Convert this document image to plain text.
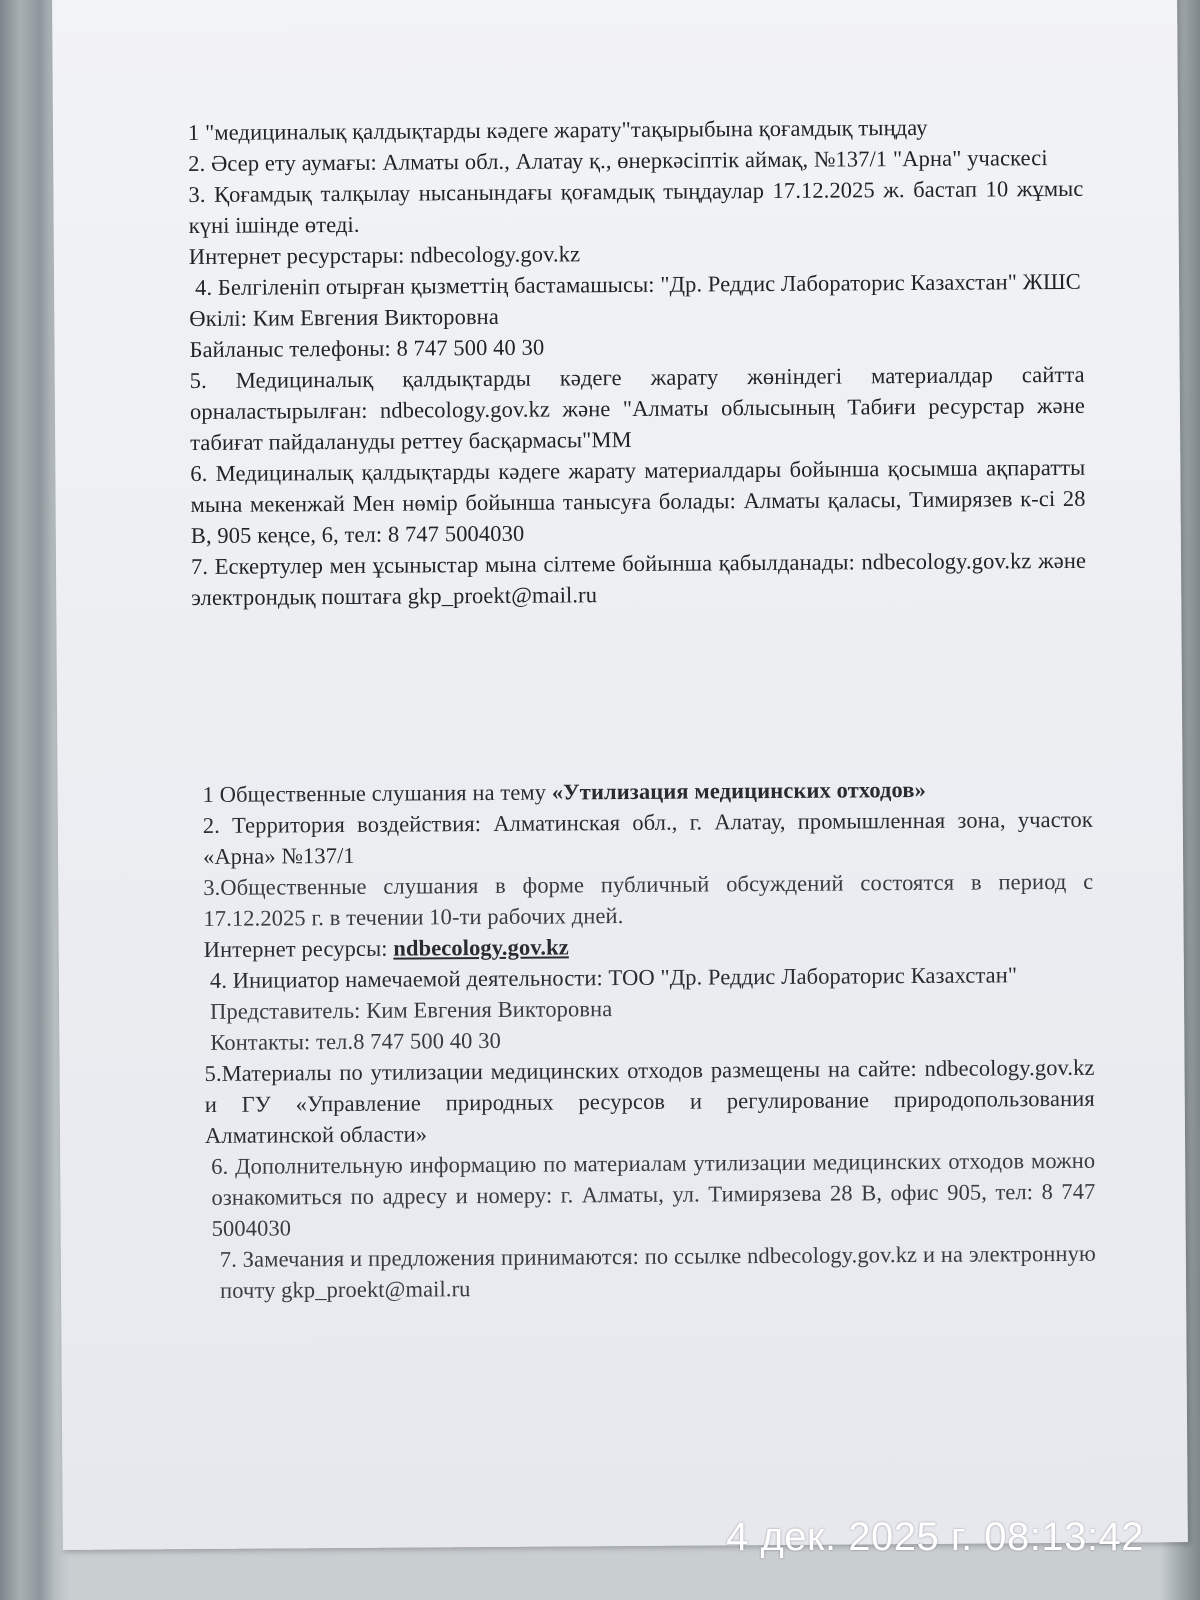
1 "медициналық қалдықтарды кәдеге жарату"тақырыбына қоғамдық тыңдау

2. Әсер ету аумағы: Алматы обл., Алатау қ., өнеркәсіптік аймақ, №137/1 "Арна" учаскесі

3. Қоғамдық талқылау нысанындағы қоғамдық тыңдаулар 17.12.2025 ж. бастап 10 жұмыс күні ішінде өтеді.

Интернет ресурстары: ndbecology.gov.kz

4. Белгіленіп отырған қызметтің бастамашысы: "Др. Реддис Лабораторис Казахстан" ЖШС

Өкілі: Ким Евгения Викторовна

Байланыс телефоны: 8 747 500 40 30

5. Медициналық қалдықтарды кәдеге жарату жөніндегі материалдар сайтта орналастырылған: ndbecology.gov.kz және "Алматы облысының Табиғи ресурстар және табиғат пайдалануды реттеу басқармасы"ММ

6. Медициналық қалдықтарды кәдеге жарату материалдары бойынша қосымша ақпаратты мына мекенжай Мен нөмір бойынша танысуға болады: Алматы қаласы, Тимирязев к-сі 28 В, 905 кеңсе, 6, тел: 8 747 5004030

7. Ескертулер мен ұсыныстар мына сілтеме бойынша қабылданады: ndbecology.gov.kz және электрондық поштаға gkp_proekt@mail.ru

1 Общественные слушания на тему «Утилизация медицинских отходов»

2. Территория воздействия: Алматинская обл., г. Алатау, промышленная зона, участок «Арна» №137/1

3.Общественные слушания в форме публичный обсуждений состоятся в период с 17.12.2025 г. в течении 10-ти рабочих дней.

Интернет ресурсы: ndbecology.gov.kz

4. Инициатор намечаемой деятельности: ТОО "Др. Реддис Лабораторис Казахстан"

Представитель: Ким Евгения Викторовна

Контакты: тел.8 747 500 40 30

5.Материалы по утилизации медицинских отходов размещены на сайте: ndbecology.gov.kz и ГУ «Управление природных ресурсов и регулирование природопользования Алматинской области»

6. Дополнительную информацию по материалам утилизации медицинских отходов можно ознакомиться по адресу и номеру: г. Алматы, ул. Тимирязева 28 В, офис 905, тел: 8 747 5004030

7. Замечания и предложения принимаются: по ссылке ndbecology.gov.kz и на электронную почту gkp_proekt@mail.ru

4 дек. 2025 г. 08:13:42
